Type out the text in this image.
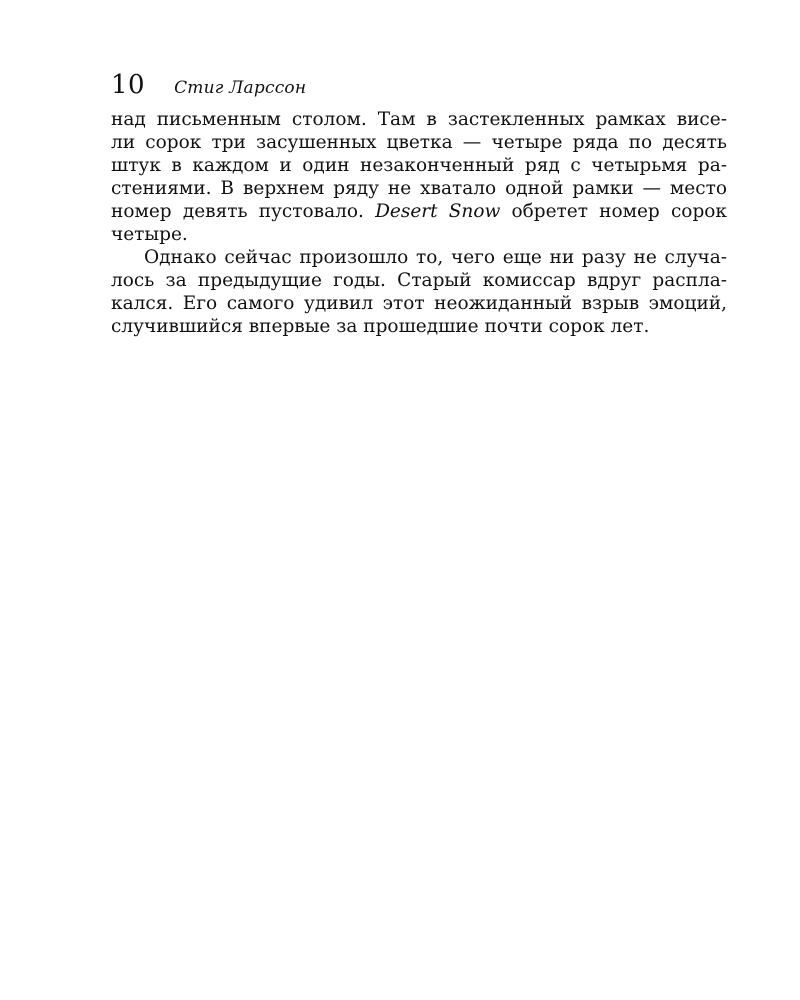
10 Стиг Ларссон
над письменным столом. Там в застекленных рамках висе-
ли сорок три засушенных цветка — четыре ряда по десять
штук в каждом и один незаконченный ряд с четырьмя ра-
стениями. В верхнем ряду не хватало одной рамки — место
номер девять пустовало. Desert Snow обретет номер сорок
четыре.
Однако сейчас произошло то, чего еще ни разу не случа-
лось за предыдущие годы. Старый комиссар вдруг распла-
кался. Его самого удивил этот неожиданный взрыв эмоций,
случившийся впервые за прошедшие почти сорок лет.
